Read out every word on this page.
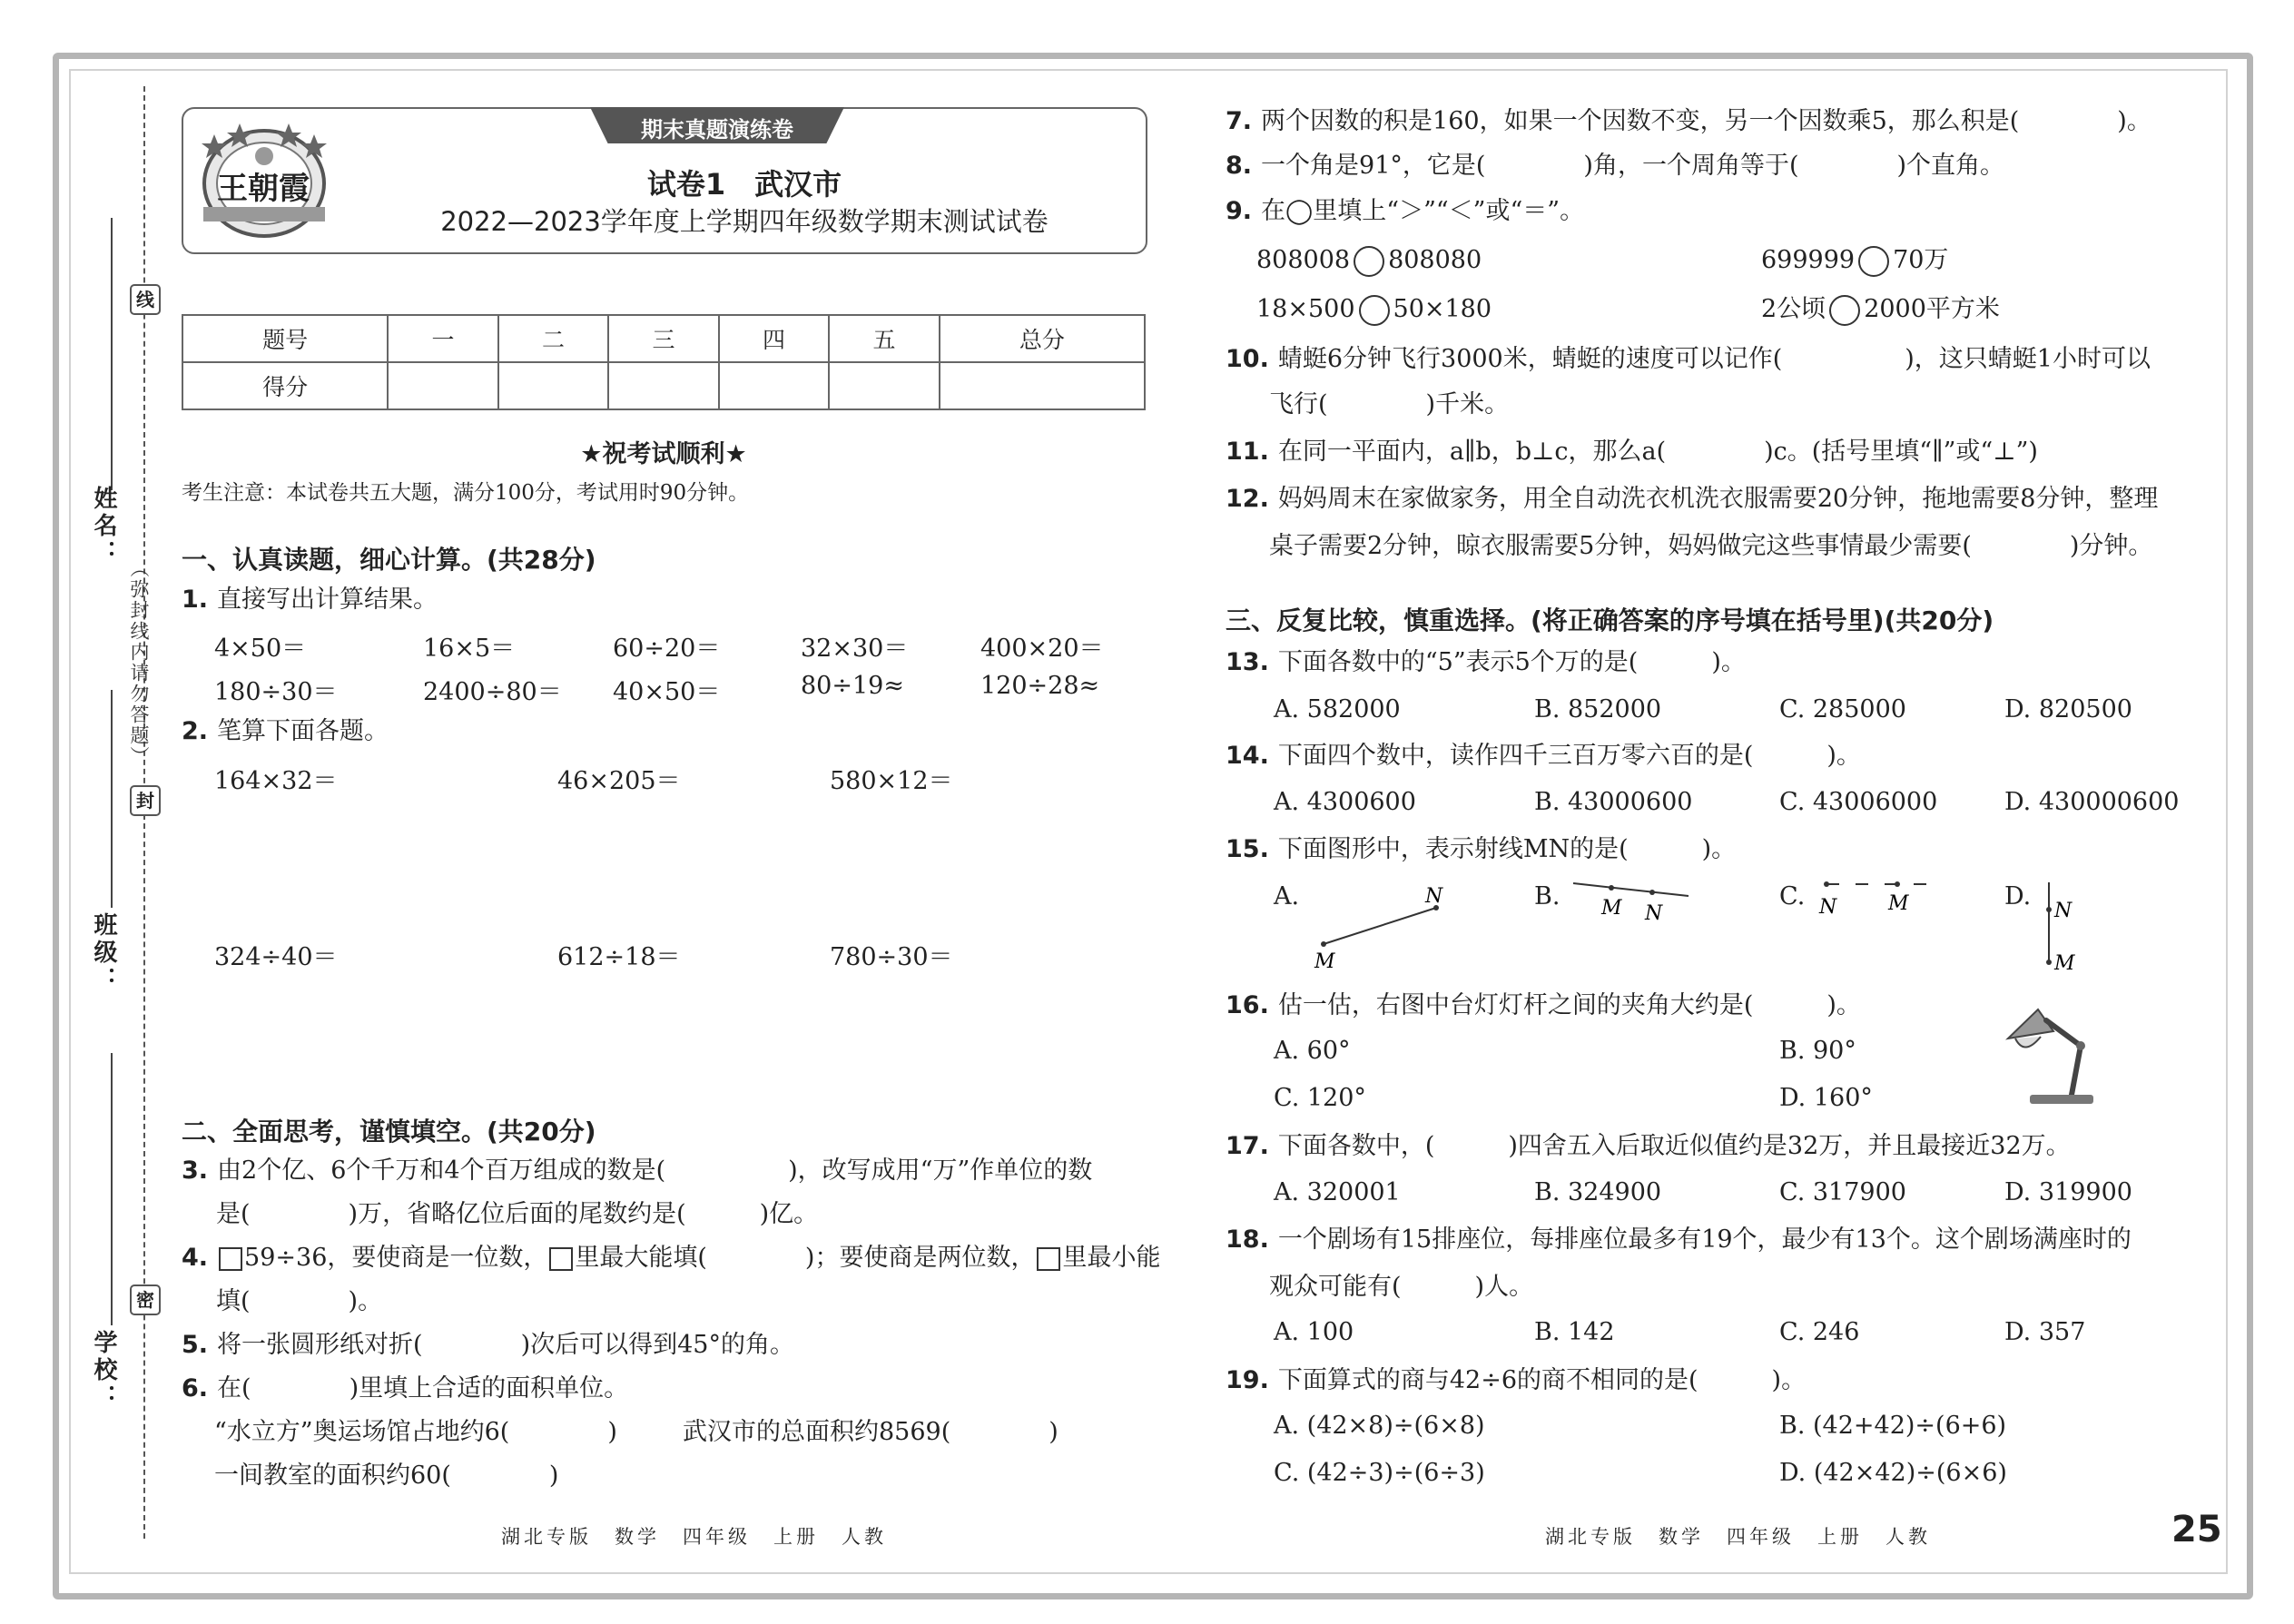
线
封
密
（弥封线内请勿答题）
姓名：
班级：
学校：
王朝霞
期末真题演练卷
试卷1　武汉市
2022—2023学年度上学期四年级数学期末测试试卷
题号	一	二	三	四	五	总分
得分						
★祝考试顺利★
考生注意：本试卷共五大题，满分100分，考试用时90分钟。
一、认真读题，细心计算。(共28分)
1. 直接写出计算结果。
4×50＝	16×5＝	60÷20＝	32×30＝	400×20＝
180÷30＝	2400÷80＝ 40×50＝	80÷19≈	120÷28≈
2. 笔算下面各题。
164×32＝	46×205＝	580×12＝
324÷40＝	612÷18＝	780÷30＝
二、全面思考，谨慎填空。(共20分)
3. 由2个亿、6个千万和4个百万组成的数是(　　　　　)，改写成用“万”作单位的数
是(　　　　)万，省略亿位后面的尾数约是(　　　)亿。
4. 59÷36，要使商是一位数， 里最大能填(　　　　)；要使商是两位数， 里最小能
填(　　　　)。
5. 将一张圆形纸对折(　　　　)次后可以得到45°的角。
6. 在(　　　　)里填上合适的面积单位。
“水立方”奥运场馆占地约6(　　　　)	武汉市的总面积约8569(　　　　)
一间教室的面积约60(　　　　)
7. 两个因数的积是160，如果一个因数不变，另一个因数乘5，那么积是(　　　　)。
8. 一个角是91°，它是(　　　　)角，一个周角等于(　　　　)个直角。
9. 在◯里填上“＞”“＜”或“＝”。
808008 808080	699999 70万
18×500 50×180	2公顷 2000平方米
10. 蜻蜓6分钟飞行3000米，蜻蜓的速度可以记作(　　　　　)，这只蜻蜓1小时可以
飞行(　　　　)千米。
11. 在同一平面内，a∥b，b⊥c，那么a(　　　　)c。(括号里填“∥”或“⊥”)
12. 妈妈周末在家做家务，用全自动洗衣机洗衣服需要20分钟，拖地需要8分钟，整理
桌子需要2分钟，晾衣服需要5分钟，妈妈做完这些事情最少需要(　　　　)分钟。
三、反复比较，慎重选择。(将正确答案的序号填在括号里)(共20分)
13. 下面各数中的“5”表示5个万的是(　　　)。
A. 582000	B. 852000	C. 285000	D. 820500
14. 下面四个数中，读作四千三百万零六百的是(　　　)。
A. 4300600	B. 43000600	C. 43006000	D. 430000600
15. 下面图形中，表示射线MN的是(　　　)。
A.	B.	C.	D.
M
N
M N	N	M	N
M
16. 估一估，右图中台灯灯杆之间的夹角大约是(　　　)。
A. 60°	B. 90°
C. 120°	D. 160°
17. 下面各数中，(　　　)四舍五入后取近似值约是32万，并且最接近32万。
A. 320001	B. 324900	C. 317900	D. 319900
18. 一个剧场有15排座位，每排座位最多有19个，最少有13个。这个剧场满座时的
观众可能有(　　　)人。
A. 100	B. 142	C. 246	D. 357
19. 下面算式的商与42÷6的商不相同的是(　　　)。
A. (42×8)÷(6×8)	B. (42+42)÷(6+6)
C. (42÷3)÷(6÷3)	D. (42×42)÷(6×6)
湖北专版　数学　四年级　上册　人教	湖北专版　数学　四年级　上册　人教	25
